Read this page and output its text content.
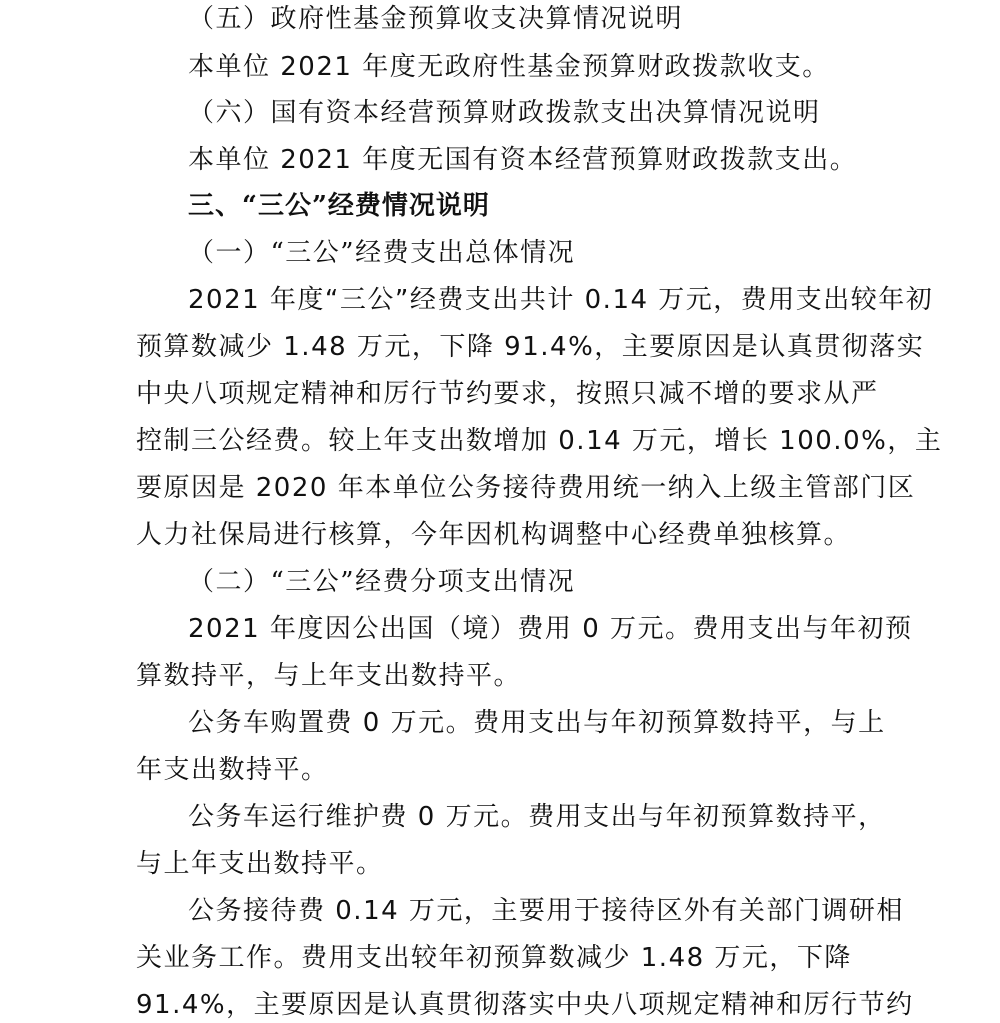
（五）政府性基金预算收支决算情况说明
本单位 2021 年度无政府性基金预算财政拨款收支。
（六）国有资本经营预算财政拨款支出决算情况说明
本单位 2021 年度无国有资本经营预算财政拨款支出。
三、“三公”经费情况说明
（一）“三公”经费支出总体情况
2021 年度“三公”经费支出共计 0.14 万元，费用支出较年初
预算数减少 1.48 万元，下降 91.4%，主要原因是认真贯彻落实
中央八项规定精神和厉行节约要求，按照只减不增的要求从严
控制三公经费。较上年支出数增加 0.14 万元，增长 100.0%，主
要原因是 2020 年本单位公务接待费用统一纳入上级主管部门区
人力社保局进行核算，今年因机构调整中心经费单独核算。
（二）“三公”经费分项支出情况
2021 年度因公出国（境）费用 0 万元。费用支出与年初预
算数持平，与上年支出数持平。
公务车购置费 0 万元。费用支出与年初预算数持平，与上
年支出数持平。
公务车运行维护费 0 万元。费用支出与年初预算数持平，
与上年支出数持平。
公务接待费 0.14 万元，主要用于接待区外有关部门调研相
关业务工作。费用支出较年初预算数减少 1.48 万元，下降
91.4%，主要原因是认真贯彻落实中央八项规定精神和厉行节约
